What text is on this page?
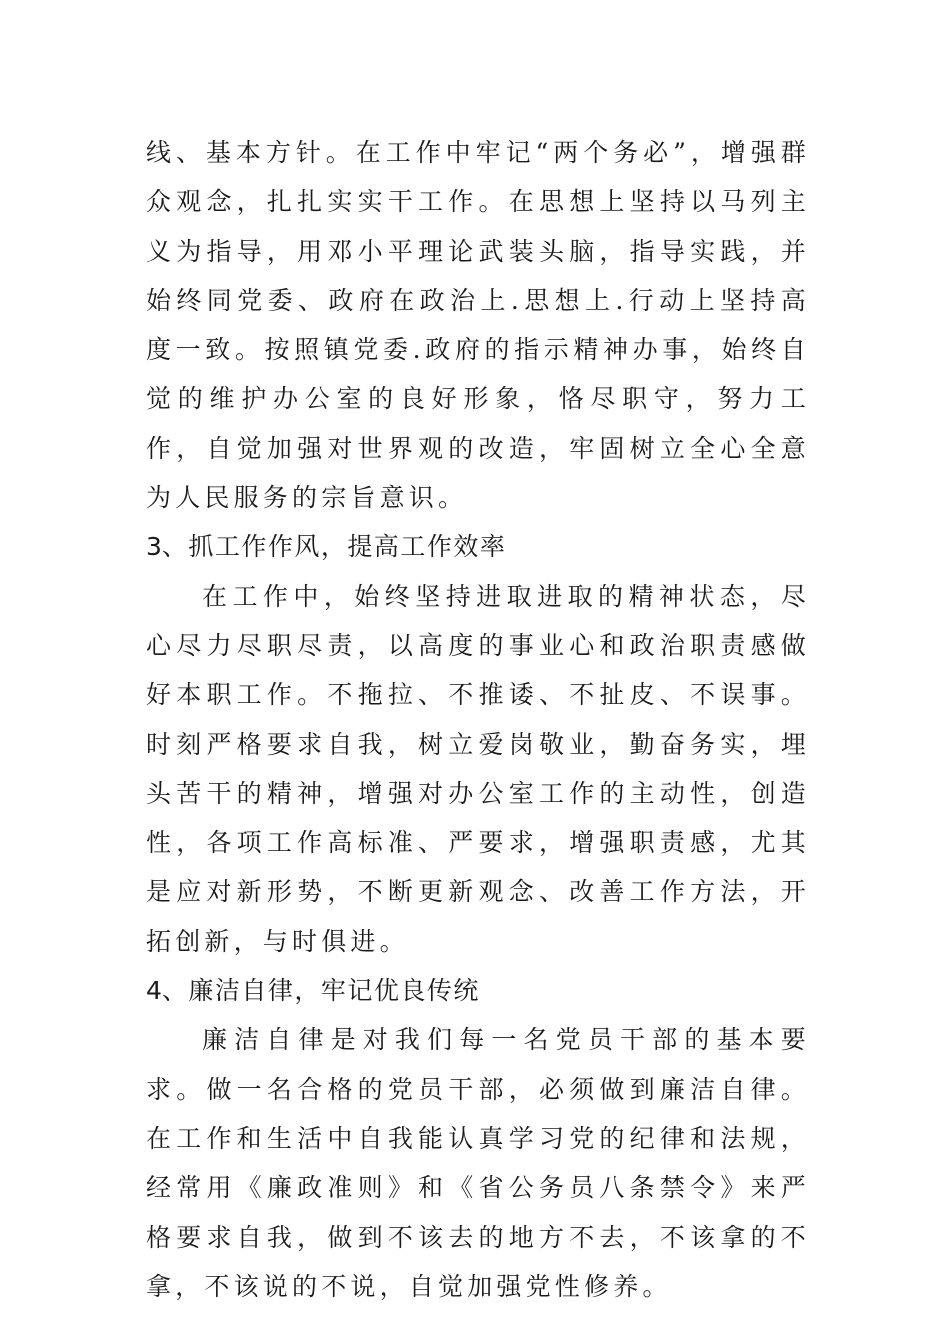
线、基本方针。在工作中牢记“两个务必”，增强群众观念，扎扎实实干工作。在思想上坚持以马列主义为指导，用邓小平理论武装头脑，指导实践，并始终同党委、政府在政治上.思想上.行动上坚持高度一致。按照镇党委.政府的指示精神办事，始终自觉的维护办公室的良好形象，恪尽职守，努力工作，自觉加强对世界观的改造，牢固树立全心全意为人民服务的宗旨意识。

3、抓工作作风，提高工作效率

在工作中，始终坚持进取进取的精神状态，尽心尽力尽职尽责，以高度的事业心和政治职责感做好本职工作。不拖拉、不推诿、不扯皮、不误事。时刻严格要求自我，树立爱岗敬业，勤奋务实，埋头苦干的精神，增强对办公室工作的主动性，创造性，各项工作高标准、严要求，增强职责感，尤其是应对新形势，不断更新观念、改善工作方法，开拓创新，与时俱进。

4、廉洁自律，牢记优良传统

廉洁自律是对我们每一名党员干部的基本要求。做一名合格的党员干部，必须做到廉洁自律。在工作和生活中自我能认真学习党的纪律和法规，经常用《廉政准则》和《省公务员八条禁令》来严格要求自我，做到不该去的地方不去，不该拿的不拿，不该说的不说，自觉加强党性修养。
